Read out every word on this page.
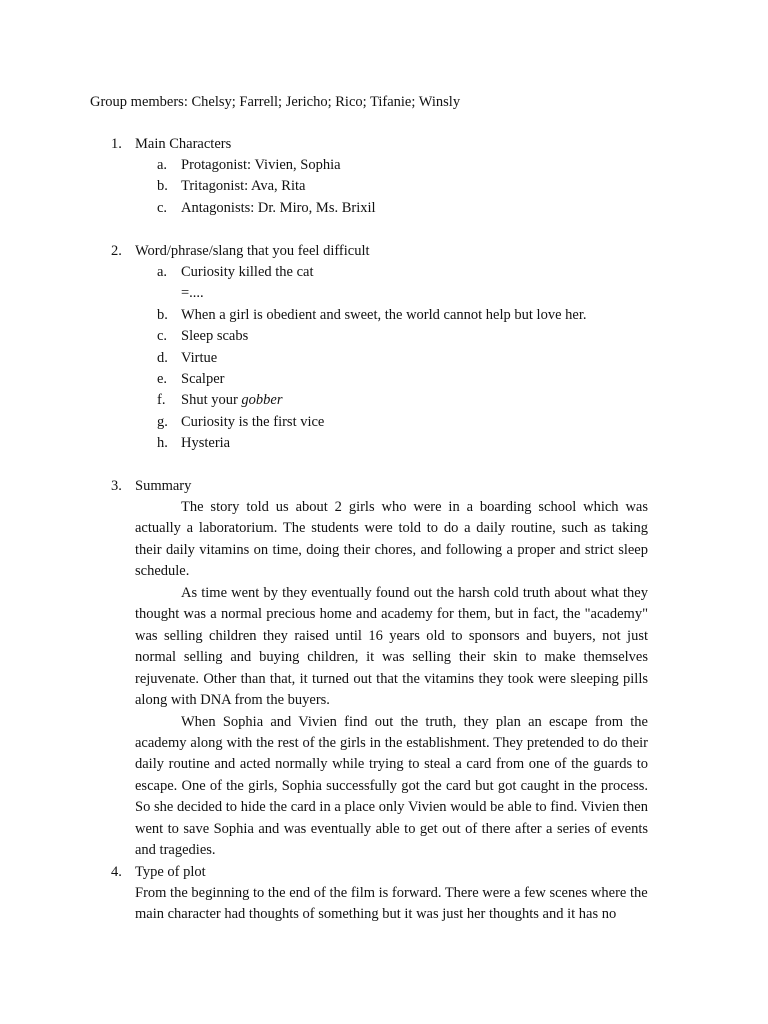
Group members: Chelsy; Farrell; Jericho; Rico; Tifanie; Winsly
1. Main Characters
a. Protagonist: Vivien, Sophia
b. Tritagonist: Ava, Rita
c. Antagonists: Dr. Miro, Ms. Brixil
2. Word/phrase/slang that you feel difficult
a. Curiosity killed the cat
=....
b. When a girl is obedient and sweet, the world cannot help but love her.
c. Sleep scabs
d. Virtue
e. Scalper
f. Shut your gobber
g. Curiosity is the first vice
h. Hysteria
3. Summary

The story told us about 2 girls who were in a boarding school which was actually a laboratorium. The students were told to do a daily routine, such as taking their daily vitamins on time, doing their chores, and following a proper and strict sleep schedule.

As time went by they eventually found out the harsh cold truth about what they thought was a normal precious home and academy for them, but in fact, the "academy" was selling children they raised until 16 years old to sponsors and buyers, not just normal selling and buying children, it was selling their skin to make themselves rejuvenate. Other than that, it turned out that the vitamins they took were sleeping pills along with DNA from the buyers.

When Sophia and Vivien find out the truth, they plan an escape from the academy along with the rest of the girls in the establishment. They pretended to do their daily routine and acted normally while trying to steal a card from one of the guards to escape. One of the girls, Sophia successfully got the card but got caught in the process. So she decided to hide the card in a place only Vivien would be able to find. Vivien then went to save Sophia and was eventually able to get out of there after a series of events and tragedies.

4. Type of plot

From the beginning to the end of the film is forward. There were a few scenes where the

main character had thoughts of something but it was just her thoughts and it has no
